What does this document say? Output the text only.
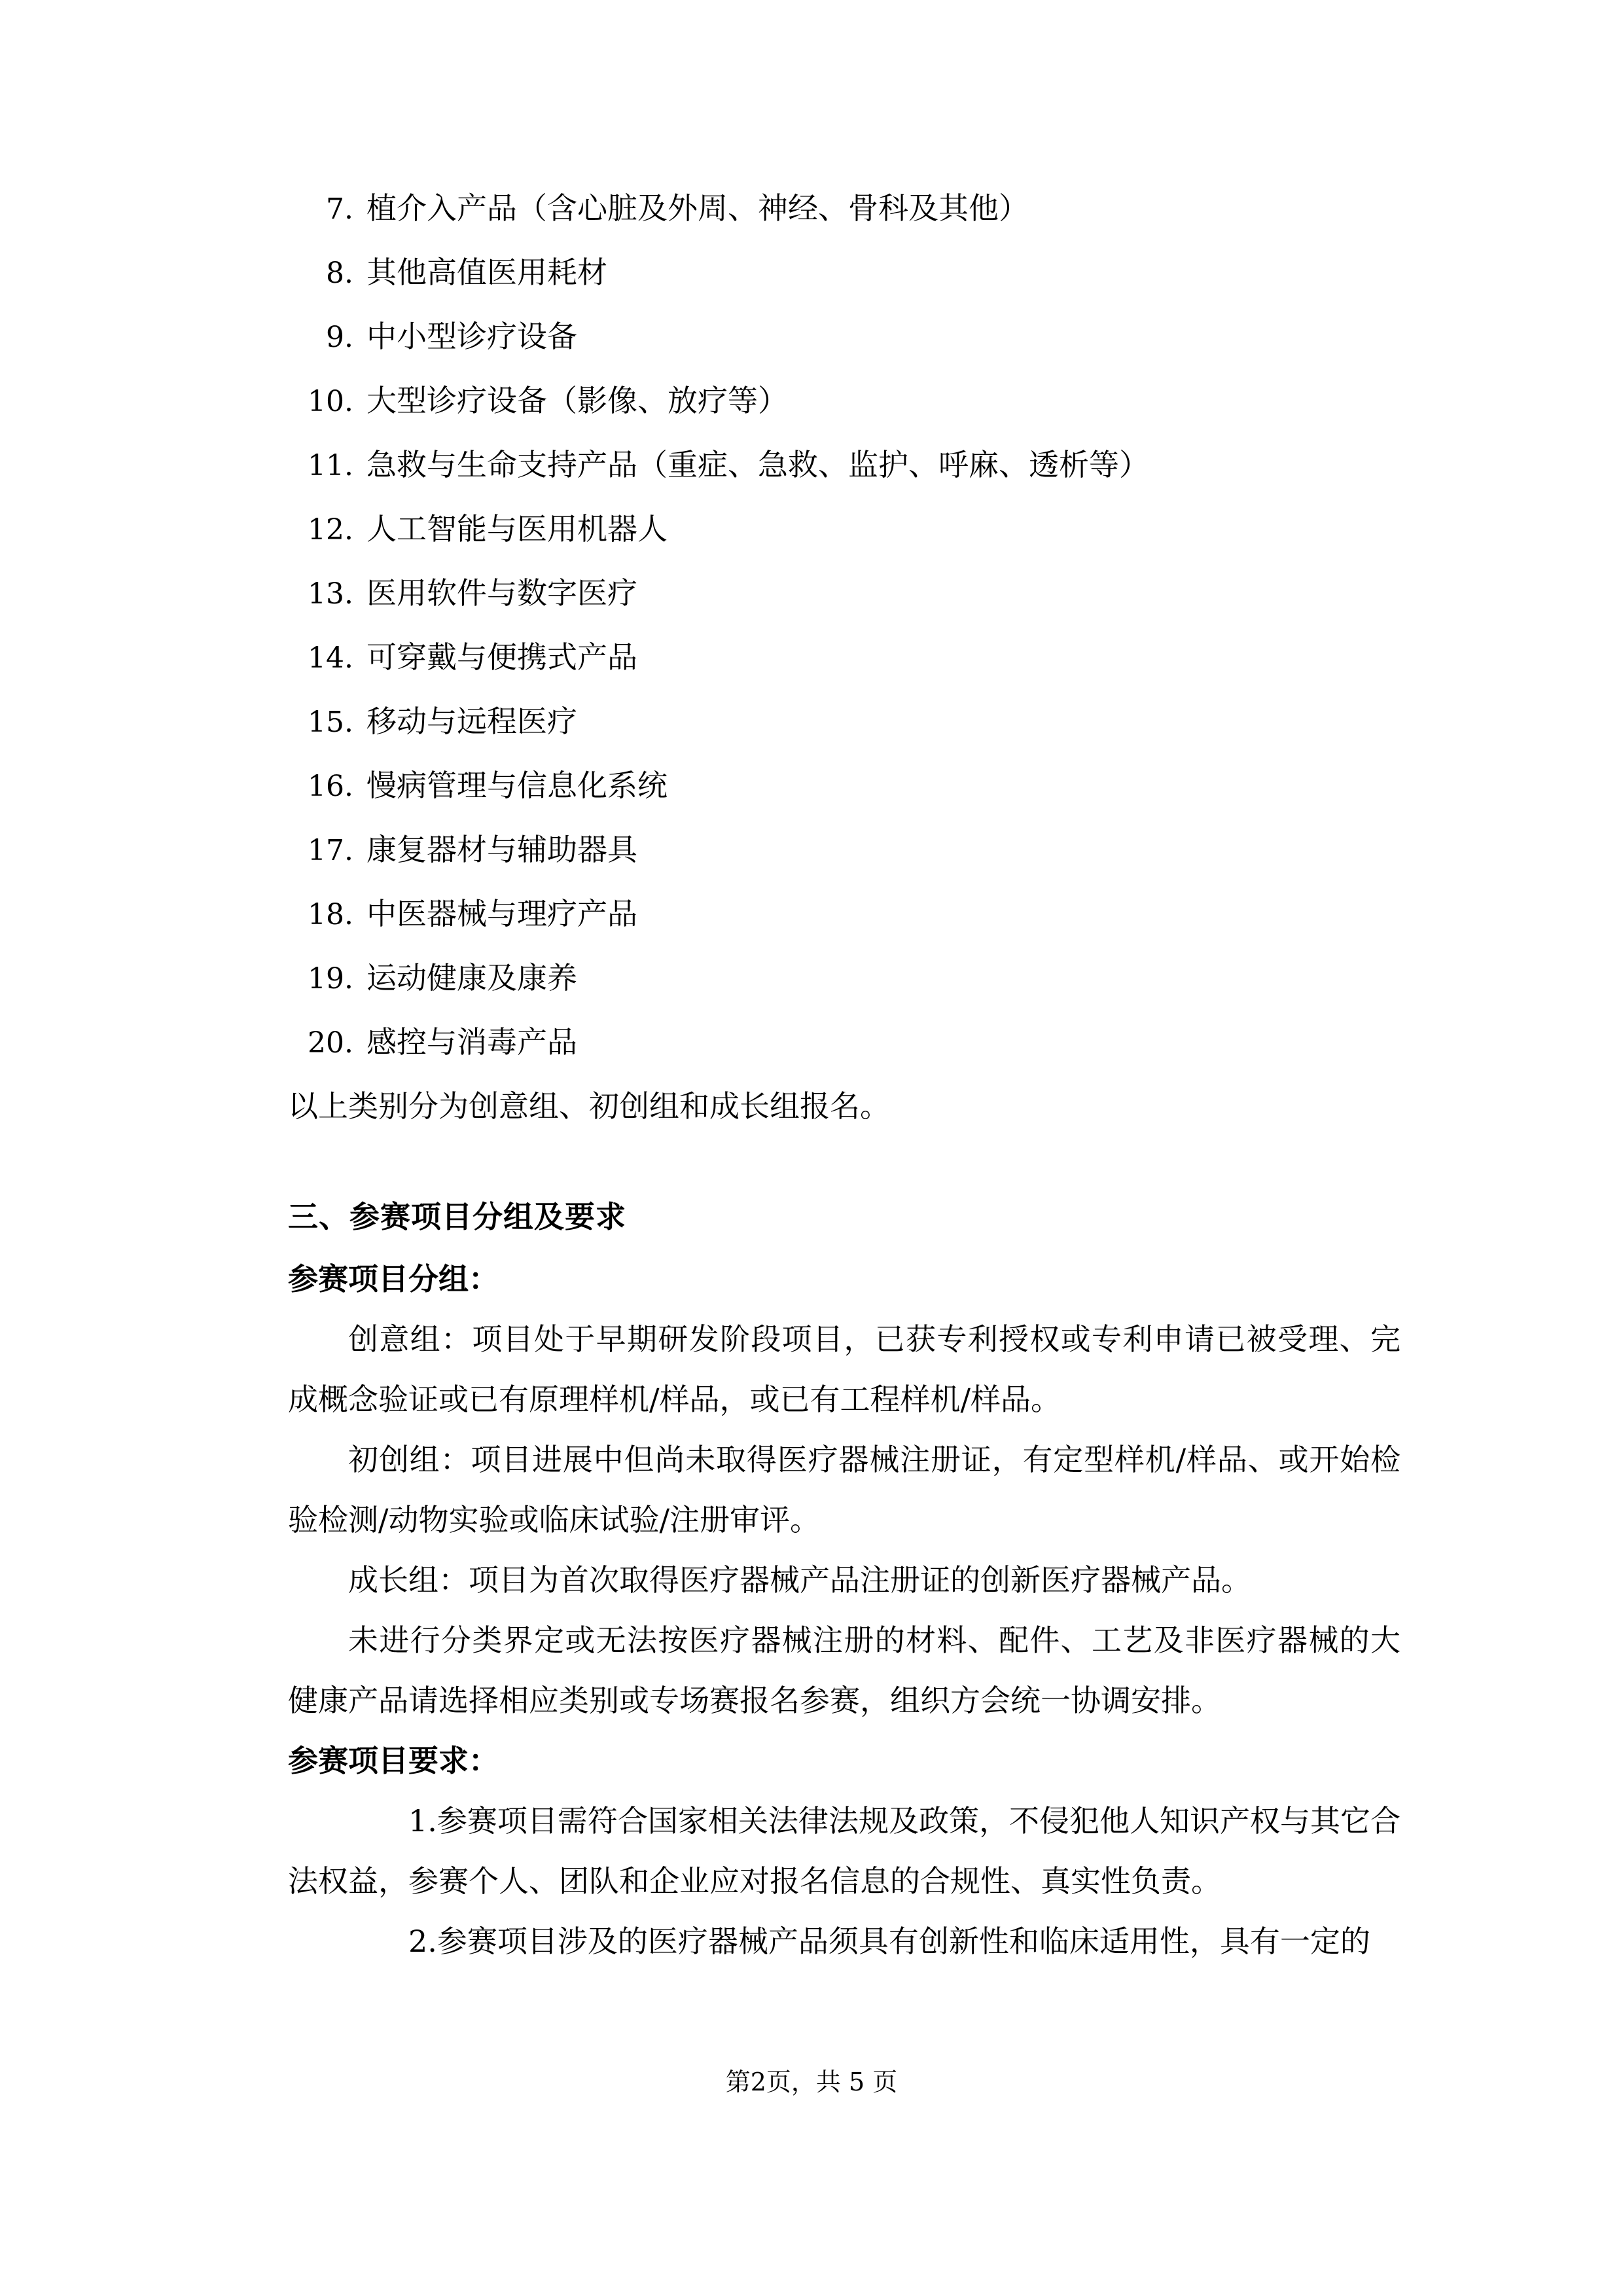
7. 植介入产品（含心脏及外周、神经、骨科及其他）
8. 其他高值医用耗材
9. 中小型诊疗设备
10. 大型诊疗设备（影像、放疗等）
11. 急救与生命支持产品（重症、急救、监护、呼麻、透析等）
12. 人工智能与医用机器人
13. 医用软件与数字医疗
14. 可穿戴与便携式产品
15. 移动与远程医疗
16. 慢病管理与信息化系统
17. 康复器材与辅助器具
18. 中医器械与理疗产品
19. 运动健康及康养
20. 感控与消毒产品
以上类别分为创意组、初创组和成长组报名。
三、参赛项目分组及要求
参赛项目分组：

创意组：项目处于早期研发阶段项目，已获专利授权或专利申请已被受理、完成概念验证或已有原理样机/样品，或已有工程样机/样品。

初创组：项目进展中但尚未取得医疗器械注册证，有定型样机/样品、或开始检验检测/动物实验或临床试验/注册审评。

成长组：项目为首次取得医疗器械产品注册证的创新医疗器械产品。

未进行分类界定或无法按医疗器械注册的材料、配件、工艺及非医疗器械的大健康产品请选择相应类别或专场赛报名参赛，组织方会统一协调安排。

参赛项目要求：

1.参赛项目需符合国家相关法律法规及政策，不侵犯他人知识产权与其它合法权益，参赛个人、团队和企业应对报名信息的合规性、真实性负责。

2.参赛项目涉及的医疗器械产品须具有创新性和临床适用性，具有一定的

第2页，共 5 页
